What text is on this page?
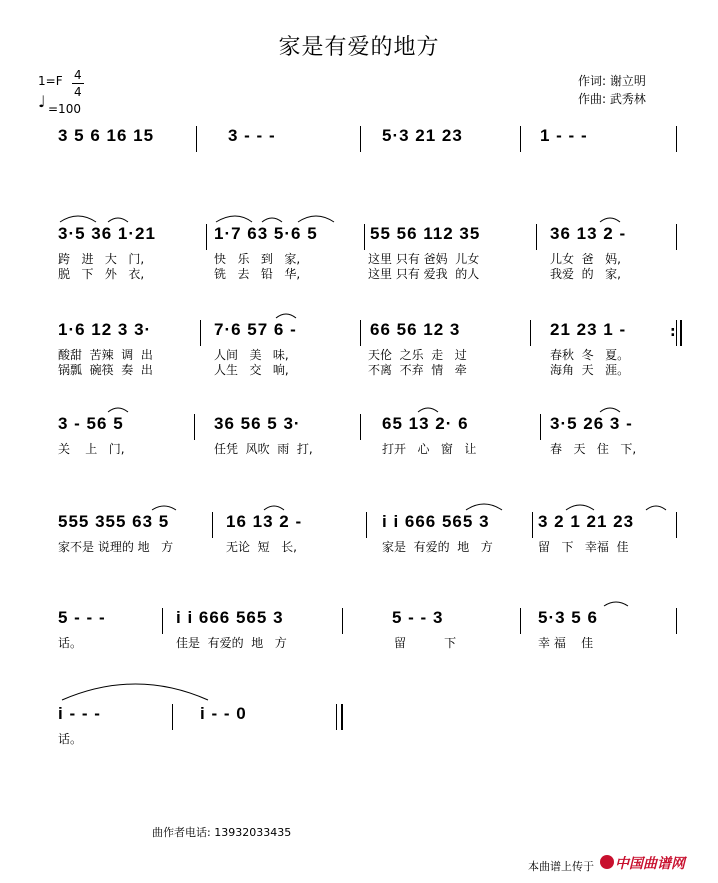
家是有爱的地方
1=F 4
4
♩ =100
作词: 谢立明
作曲: 武秀林
3 5 6 16 15	3 - - -	5·3 21 23	1 - - -
3·5 36 1·21	1·7 63 5·6 5	55 56 112 35	36 13 2 -
跨   进   大   门,	快   乐   到   家,	这里 只有 爸妈  儿女	儿女  爸   妈,
脱   下   外   衣,	铣   去   铅   华,	这里 只有 爱我  的人	我爱  的   家,
1·6 12 3 3·	7·6 57 6 -	66 56 12 3	21 23 1 -	:
酸甜  苦辣  调  出	人间   美   味,	天伦  之乐  走   过	春秋  冬   夏。
锅瓢  碗筷  奏  出	人生   交   响,	不离  不弃  情   牵	海角  天   涯。
3 - 56 5	36 56 5 3·	65 13 2· 6	3·5 26 3 -
关    上   门,	任凭  风吹  雨  打,	打开   心   窗   让	春   天   住   下,
555 355 63 5	16 13 2 -	i i 666 565 3	3 2 1 21 23
家不是 说理的 地   方	无论  短   长,	家是  有爱的  地   方	留   下   幸福  佳
5 - - -	i i 666 565 3	5 - - 3	5·3 5 6
话。	佳是  有爱的  地   方	留          下	幸 福    佳
i - - -	i - - 0
话。
曲作者电话: 13932033435
本曲谱上传于 中国曲谱网
